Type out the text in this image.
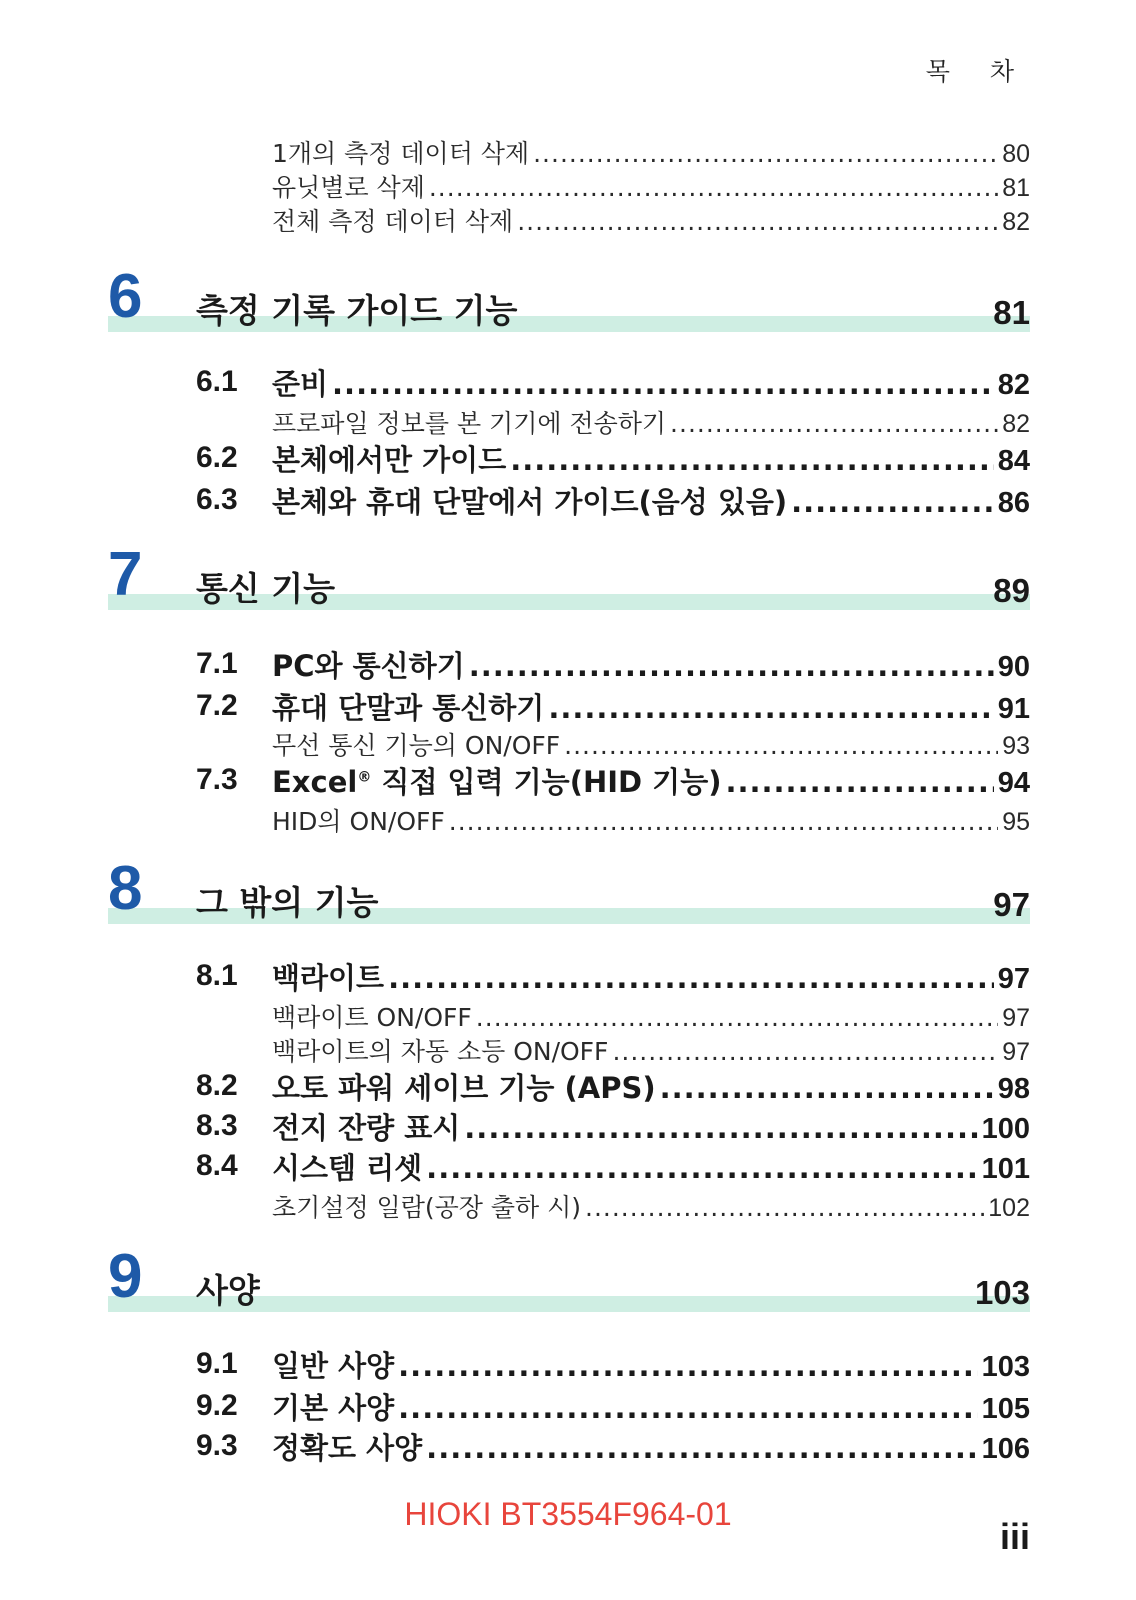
목 차
1개의 측정 데이터 삭제 .....	80
유닛별로 삭제 .....	81
전체 측정 데이터 삭제 .....	82
6 측정 기록 가이드 기능	81
6.1 준비 .....	82
프로파일 정보를 본 기기에 전송하기 .....	82
6.2 본체에서만 가이드 .....	84
6.3 본체와 휴대 단말에서 가이드(음성 있음) .....	86
7 통신 기능	89
7.1 PC와 통신하기 .....	90
7.2 휴대 단말과 통신하기 .....	91
무선 통신 기능의 ON/OFF .....	93
7.3 Excel® 직접 입력 기능(HID 기능) .....	94
HID의 ON/OFF .....	95
8 그 밖의 기능	97
8.1 백라이트 .....	97
백라이트 ON/OFF .....	97
백라이트의 자동 소등 ON/OFF .....	97
8.2 오토 파워 세이브 기능 (APS) .....	98
8.3 전지 잔량 표시 .....	100
8.4 시스템 리셋 .....	101
초기설정 일람(공장 출하 시) .....	102
9 사양	103
9.1 일반 사양 .....	103
9.2 기본 사양 .....	105
9.3 정확도 사양 .....	106
HIOKI BT3554F964-01
iii
